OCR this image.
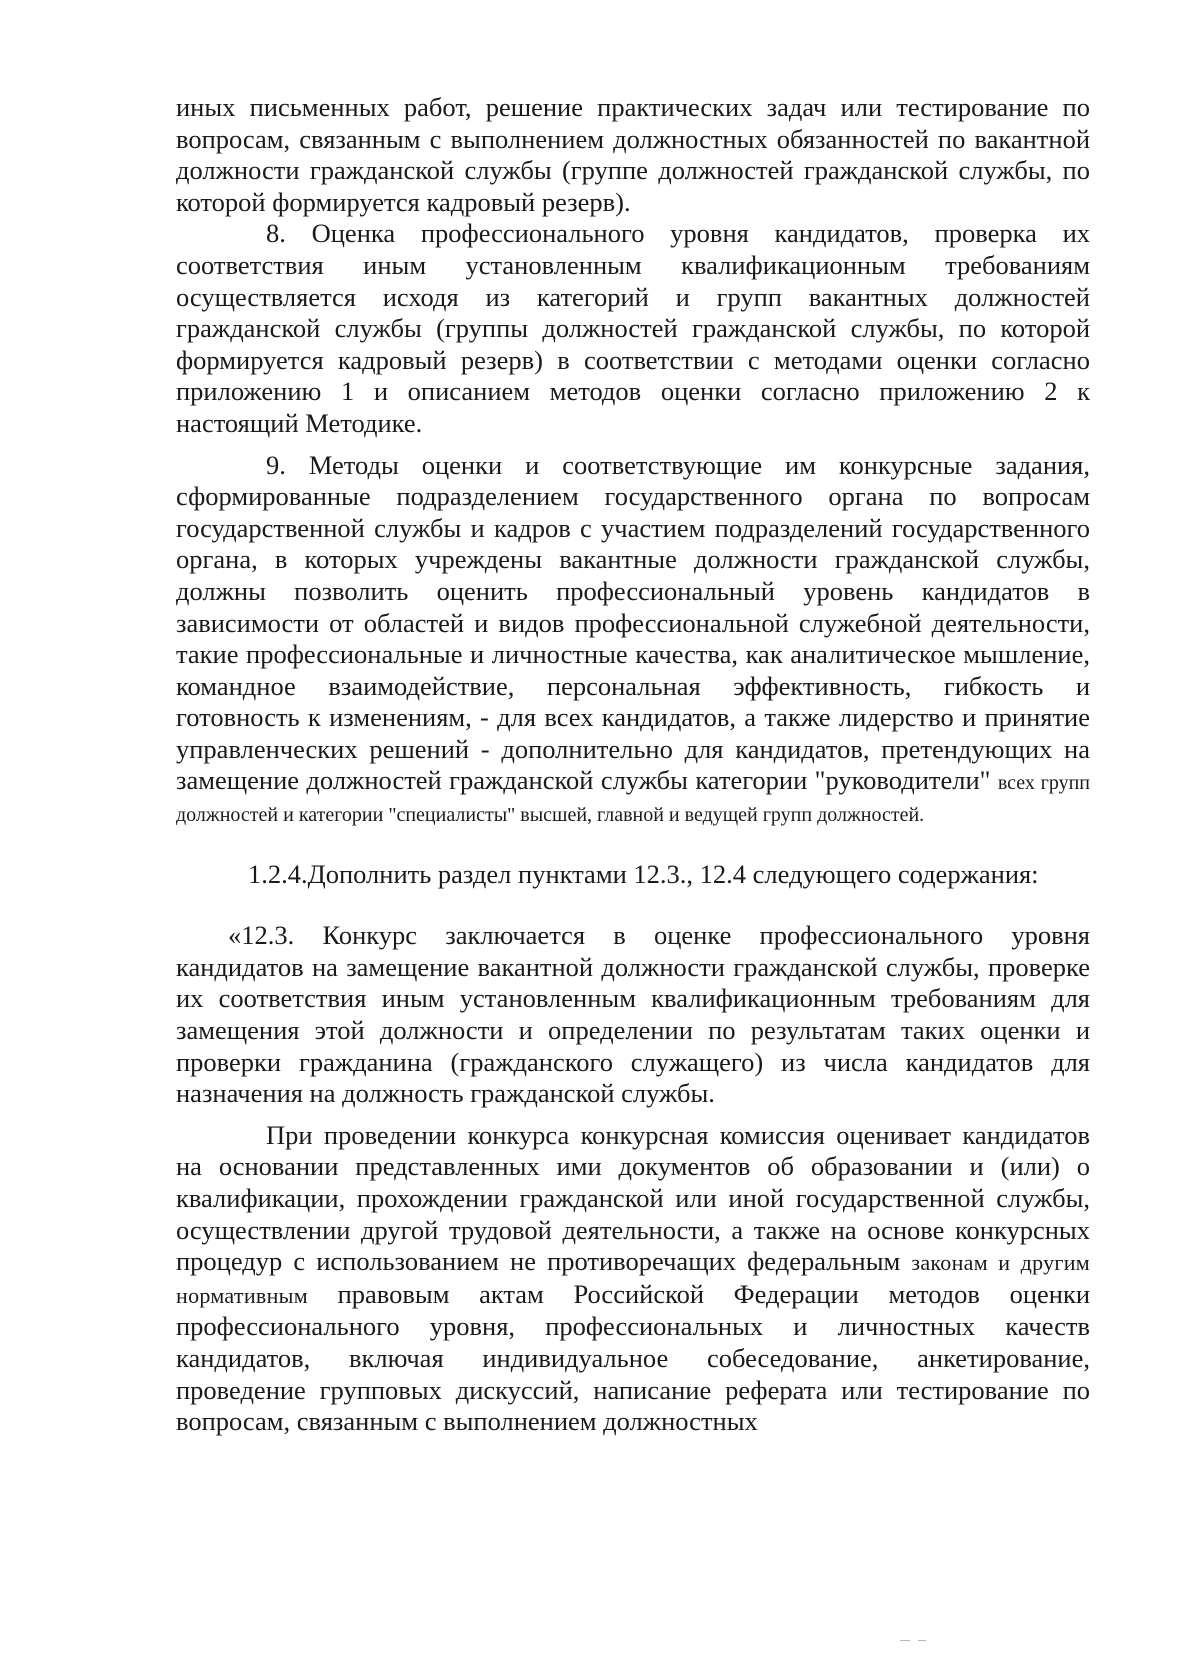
иных письменных работ, решение практических задач или тестирование по вопросам, связанным с выполнением должностных обязанностей по вакантной должности гражданской службы (группе должностей гражданской службы, по которой формируется кадровый резерв).

8. Оценка профессионального уровня кандидатов, проверка их соответствия иным установленным квалификационным требованиям осуществляется исходя из категорий и групп вакантных должностей гражданской службы (группы должностей гражданской службы, по которой формируется кадровый резерв) в соответствии с методами оценки согласно приложению 1 и описанием методов оценки согласно приложению 2 к настоящий Методике.

9. Методы оценки и соответствующие им конкурсные задания, сформированные подразделением государственного органа по вопросам государственной службы и кадров с участием подразделений государственного органа, в которых учреждены вакантные должности гражданской службы, должны позволить оценить профессиональный уровень кандидатов в зависимости от областей и видов профессиональной служебной деятельности, такие профессиональные и личностные качества, как аналитическое мышление, командное взаимодействие, персональная эффективность, гибкость и готовность к изменениям, - для всех кандидатов, а также лидерство и принятие управленческих решений - дополнительно для кандидатов, претендующих на замещение должностей гражданской службы категории "руководители" всех групп должностей и категории "специалисты" высшей, главной и ведущей групп должностей.

1.2.4.Дополнить раздел пунктами 12.3., 12.4 следующего содержания:

«12.3. Конкурс заключается в оценке профессионального уровня кандидатов на замещение вакантной должности гражданской службы, проверке их соответствия иным установленным квалификационным требованиям для замещения этой должности и определении по результатам таких оценки и проверки гражданина (гражданского служащего) из числа кандидатов для назначения на должность гражданской службы.

При проведении конкурса конкурсная комиссия оценивает кандидатов на основании представленных ими документов об образовании и (или) о квалификации, прохождении гражданской или иной государственной службы, осуществлении другой трудовой деятельности, а также на основе конкурсных процедур с использованием не противоречащих федеральным законам и другим нормативным правовым актам Российской Федерации методов оценки профессионального уровня, профессиональных и личностных качеств кандидатов, включая индивидуальное собеседование, анкетирование, проведение групповых дискуссий, написание реферата или тестирование по вопросам, связанным с выполнением должностных
